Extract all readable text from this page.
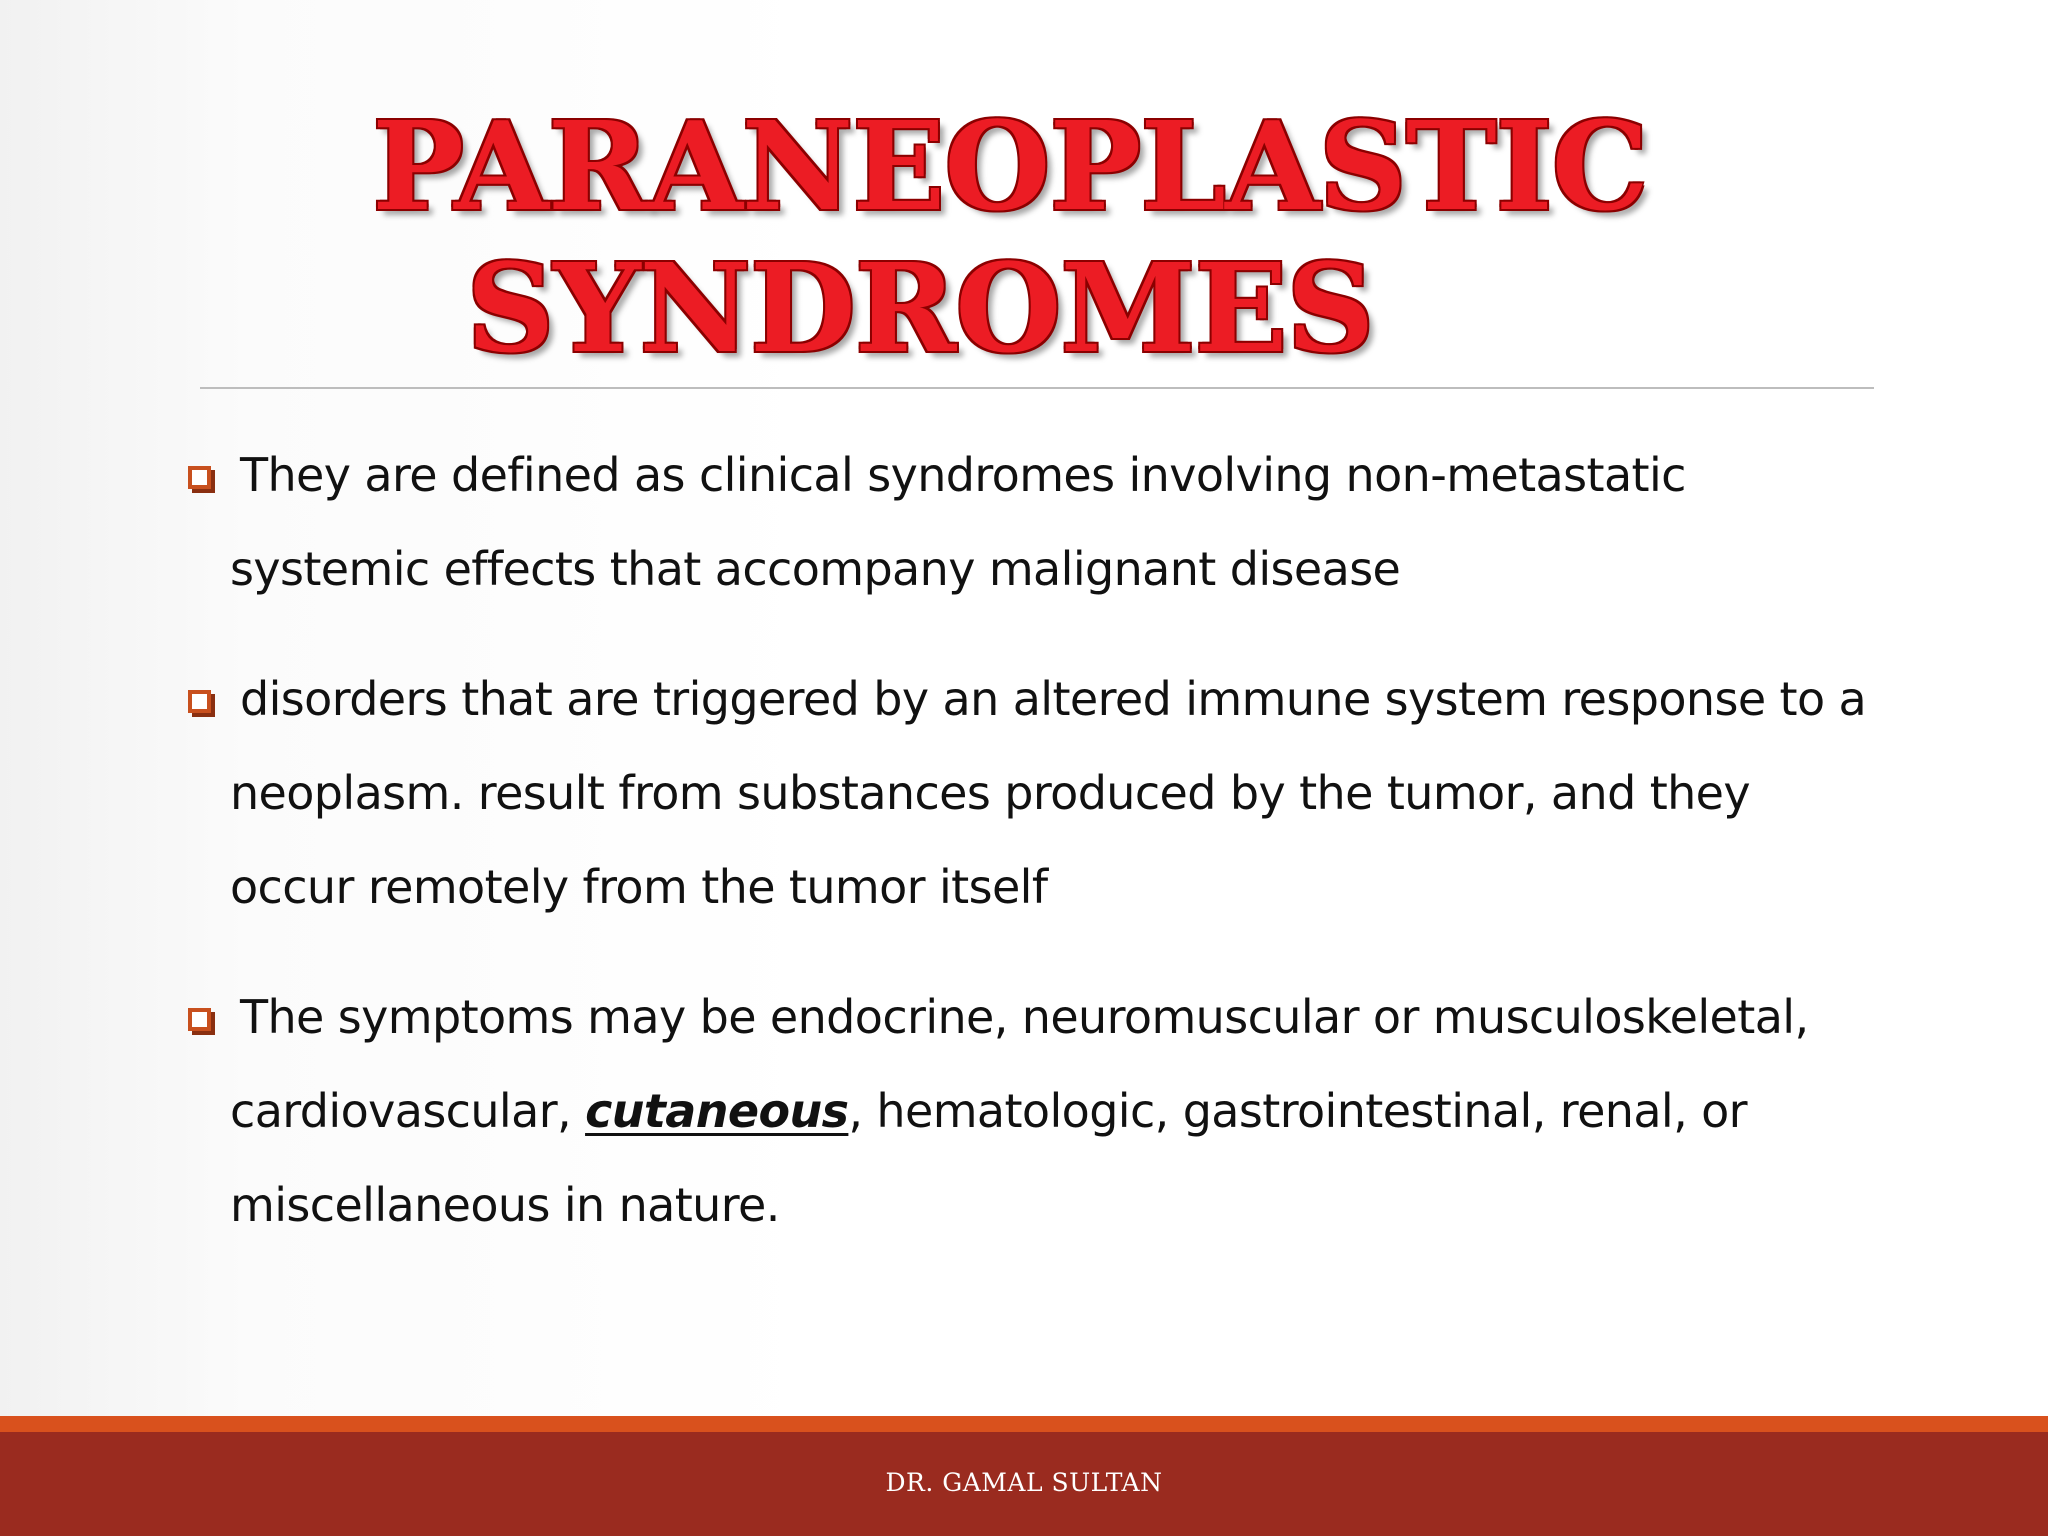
PARANEOPLASTIC
SYNDROMES
They are defined as clinical syndromes involving non-metastatic systemic effects that accompany malignant disease
disorders that are triggered by an altered immune system response to a neoplasm. result from substances produced by the tumor, and they occur remotely from the tumor itself
The symptoms may be endocrine, neuromuscular or musculoskeletal, cardiovascular, cutaneous, hematologic, gastrointestinal, renal, or miscellaneous in nature.
DR. GAMAL SULTAN
